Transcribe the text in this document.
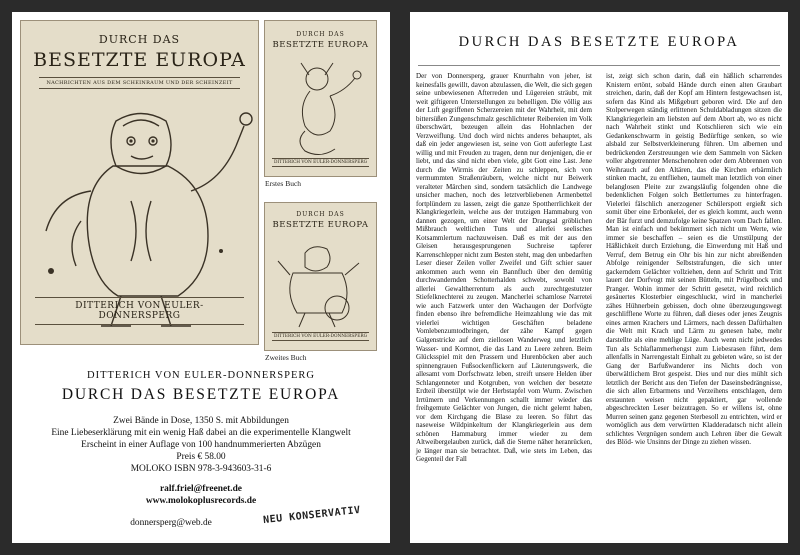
DURCH DAS
BESETZTE EUROPA
NACHRICHTEN AUS DEM SCHEINRAUM UND DER SCHEINZEIT
DITTERICH VON EULER-DONNERSPERG
DURCH DAS
BESETZTE EUROPA
DITTERICH VON EULER-DONNERSPERG
Erstes Buch
DURCH DAS
BESETZTE EUROPA
DITTERICH VON EULER-DONNERSPERG
Zweites Buch
DITTERICH VON EULER-DONNERSPERG
DURCH DAS BESETZTE EUROPA
Zwei Bände in Dose, 1350 S. mit Abbildungen
Eine Liebeserklärung mit ein wenig Haß dabei an die experimentelle Klangwelt
Erscheint in einer Auflage von 100 handnummerierten Abzügen
Preis € 58.00
MOLOKO ISBN 978-3-943603-31-6
ralf.friel@freenet.de
www.molokoplusrecords.de
donnersperg@web.de	NEU KONSERVATIV
DURCH DAS BESETZTE EUROPA
Der von Donnersperg, grauer Knurrhahn von jeher, ist keinesfalls gewillt, davon abzulassen, die Welt, die sich gegen seine unbewiesenen Afterreden und Lügereien sträubt, mit weit giftigeren Unterstellungen zu behelligen. Die völlig aus der Luft gegriffenen Scherzereien mit der Wahrheit, mit dem bittersüßen Zungenschmalz geschlichteter Reibereien im Volk überschwärt, bezeugen allein das Hohnlachen der Verzweiflung. Und doch wird nichts anderes behauptet, als daß ein jeder angewiesen ist, seine von Gott auferlegte Last willig und mit Freuden zu tragen, denn nur denjenigen, die er liebt, und das sind nicht eben viele, gibt Gott eine Last. Jene durch die Wirrnis der Zeiten zu schleppen, sich von vermummten Straßenräubern, welche nicht nur Beiwerk veralteter Märchen sind, sondern tatsächlich die Landwege unsicher machen, noch des letztverbliebenen Armenbettel fortplündern zu lassen, zeigt die ganze Spottherrlichkeit der Klangkriegerlein, welche aus der trutzigen Hammaburg von dannen gezogen, um einer Welt der Drangsal gröblichen Mißbrauch weltlichen Tuns und allerlei seelisches Kotsammlertum nachzuweisen. Daß es mit der aus den Gleisen herausgesprungenen Suchreise tapferer Karrenschlepper nicht zum Besten steht, mag den unbedarften Leser dieser Zeilen voller Zweifel und Gift schier sauer ankommen auch wenn ein Bannfluch über den demütig durchwandernden Schotterhalden schwebt, sowohl von allerlei Gewaltherrentum als auch zurechtgestutzter Stiefelknechterei zu zeugen. Mancherlei schamlose Narretei wie auch Fatzwerk unter den Wachaugen der Dorfvögte finden ebenso ihre befremdliche Heimzahlung wie das mit vielerlei wichtigen Geschäften beladene Vomlebenzumtodbringen, der zähe Kampf gegen Galgenstricke auf dem ziellosen Wanderweg und letztlich Wasser- und Kornnot, die das Land zu Leere zehren. Beim Glücksspiel mit den Prassern und Hurenböcken aber auch spinnengrauen Fußsockenflickern auf Läuterungswerk, die allesamt vom Dorfschwatz leben, streift unsere Helden über Schlangenneter und Kotgruben, von welchen der besetzte Erdteil überstülpt wie der Herbstapfel vom Wurm. Zwischen Irrtümern und Verkennungen schallt immer wieder das freihgemute Gelächter von Jungen, die nicht gelernt haben, vor dem Kirchgang die Blase zu leeren. So führt das naseweise Wildpinkeltum der Klangkriegerlein aus dem schönen Hammaburg immer wieder zu dem Altweibergelauben zurück, daß die Sterne näher heranrücken, je länger man sie betrachtet. Daß, wie stets im Leben, das Gegenteil der Fall
ist, zeigt sich schon darin, daß ein häßlich scharrendes Knistern ertönt, sobald Hände durch einen alten Graubart streichen, darin, daß der Kopf am Hintern festgewachsen ist, sofern das Kind als Mißgeburt geboren wird. Die auf den Stolperwegen ständig erlittenen Schuldabladungen sitzen die Klangkriegerlein am liebsten auf dem Abort ab, wo es nicht nach Wahrheit stinkt und Kotschlieren sich wie ein Gedankenschwarm in geistig Bedürftige senken, so wie alsbald zur Selbstverkleinerung führen. Um albernen und bedrückenden Zerstreuungen wie dem Sammeln von Säcken voller abgetrennter Menschenohren oder dem Abbrennen von Weihrauch auf den Altären, das die Kirchen erbärmlich stinken macht, zu entfliehen, taumelt man letztlich von einer belanglosen Pleite zur zwangsläufig folgenden ohne die bedenklichen Folgen solch Bettlertumes zu hinterfragen. Vielerlei fälschlich anerzogener Schülerspott ergießt sich somit über eine Erbonkelei, der es gleich kommt, auch wenn der Bär furzt und demzufolge keine Spatzen vom Dach fallen. Man ist einfach und bekümmert sich nicht um Werte, wie immer sie beschaffen – seien es die Umstülpung der Häßlichkeit durch Erziehung, die Einwerdung mit Haß und Verruf, dem Betrug ein Ohr bis hin zur nicht abreißenden Abfolge reinigender Selbststrafungen, die sich unter gackerndem Gelächter vollziehen, denn auf Schritt und Tritt lauert der Dorfvogt mit seinen Bütteln, mit Prügelbock und Pranger. Wohin immer der Schritt gesetzt, wird reichlich gesäuertes Klosterbier eingeschluckt, wird in mancherlei zähes Hühnerbein gebissen, doch ohne überzeugungswegt geschlifflene Worte zu führen, daß dieses oder jenes Zeugnis eines armen Krachers und Lärmers, nach dessen Dafürhalten die Welt mit Krach und Lärm zu genesen habe, mehr darstellte als eine mehlige Lüge. Auch wenn nicht jedwedes Tun als Schlaflammerhengst zum Liebesrasen führt, dem allenfalls in Narrengestalt Einhalt zu gebieten wäre, so ist der Gang der Barfußwanderer ins Nichts doch von überwältlichem Brot gespeist. Dies und nur dies mühlt sich letztlich der Bericht aus den Tiefen der Daseinsbedrängnisse, die sich allen Erbarmens und Verzeihens entschlagen, dem erstaunten weisen nicht gepaktiert, gar wollende abgeschreckten Leser beizutragen. So er willens ist, ohne Murren seinen ganz gegenen Sterbesoll zu entrichten, wird er womöglich aus dem verwürtten Kladderadatsch nicht allein schlichtes Vergnügen sondern auch Lehren über die Gewalt des Blöd- wie Unsinns der Dinge zu ziehen wissen.
